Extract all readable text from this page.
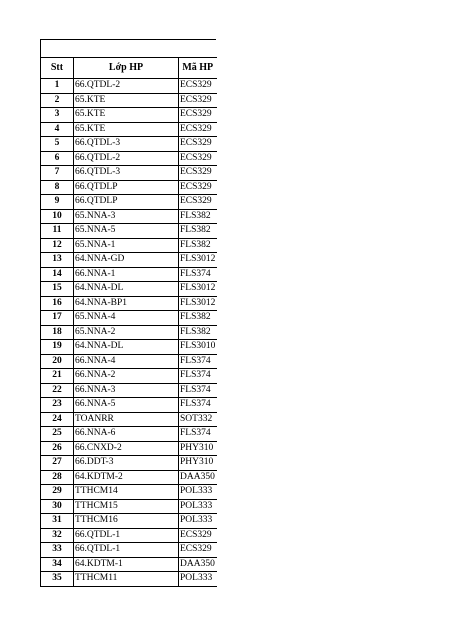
Stt	Lớp HP	Mã HP
1	66.QTDL-2	ECS329
2	65.KTE	ECS329
3	65.KTE	ECS329
4	65.KTE	ECS329
5	66.QTDL-3	ECS329
6	66.QTDL-2	ECS329
7	66.QTDL-3	ECS329
8	66.QTDLP	ECS329
9	66.QTDLP	ECS329
10	65.NNA-3	FLS382
11	65.NNA-5	FLS382
12	65.NNA-1	FLS382
13	64.NNA-GD	FLS3012
14	66.NNA-1	FLS374
15	64.NNA-DL	FLS3012
16	64.NNA-BP1	FLS3012
17	65.NNA-4	FLS382
18	65.NNA-2	FLS382
19	64.NNA-DL	FLS3010
20	66.NNA-4	FLS374
21	66.NNA-2	FLS374
22	66.NNA-3	FLS374
23	66.NNA-5	FLS374
24	TOANRR	SOT332
25	66.NNA-6	FLS374
26	66.CNXD-2	PHY310
27	66.DDT-3	PHY310
28	64.KDTM-2	DAA350
29	TTHCM14	POL333
30	TTHCM15	POL333
31	TTHCM16	POL333
32	66.QTDL-1	ECS329
33	66.QTDL-1	ECS329
34	64.KDTM-1	DAA350
35	TTHCM11	POL333
